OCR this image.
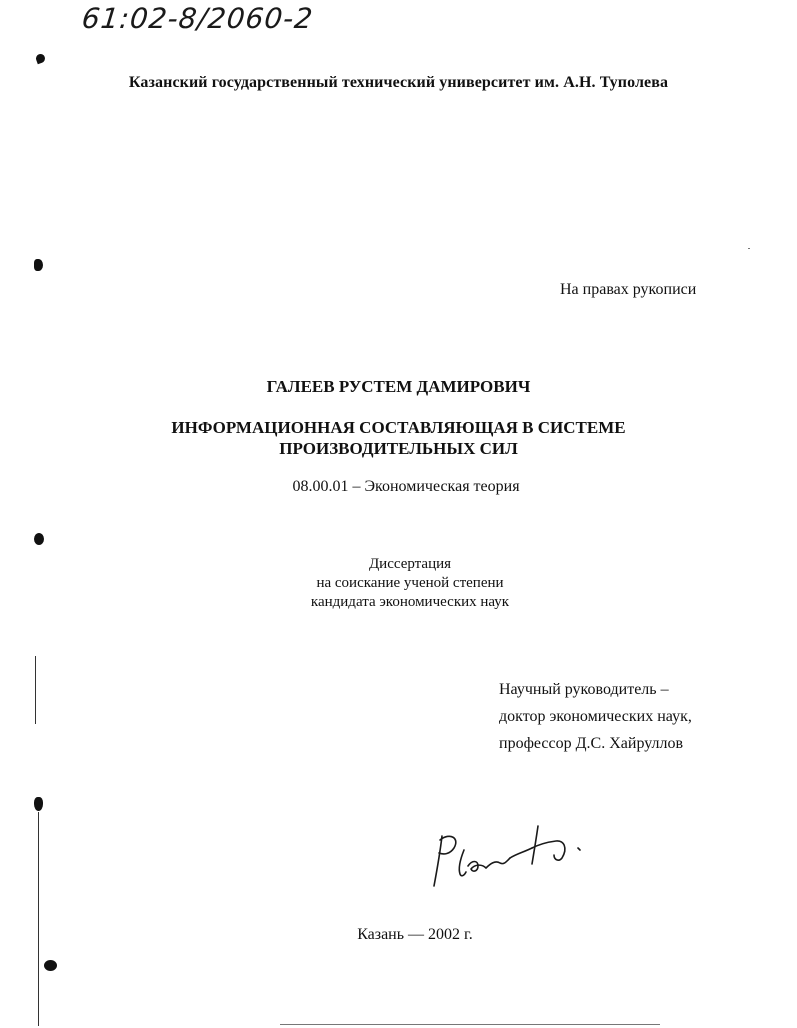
61:02-8/2060-2
Казанский государственный технический университет им. А.Н. Туполева
На правах рукописи
ГАЛЕЕВ РУСТЕМ ДАМИРОВИЧ
ИНФОРМАЦИОННАЯ СОСТАВЛЯЮЩАЯ В СИСТЕМЕ
ПРОИЗВОДИТЕЛЬНЫХ СИЛ
08.00.01 – Экономическая теория
Диссертация
на соискание ученой степени
кандидата экономических наук
Научный руководитель –
доктор экономических наук,
профессор Д.С. Хайруллов
Казань — 2002 г.
